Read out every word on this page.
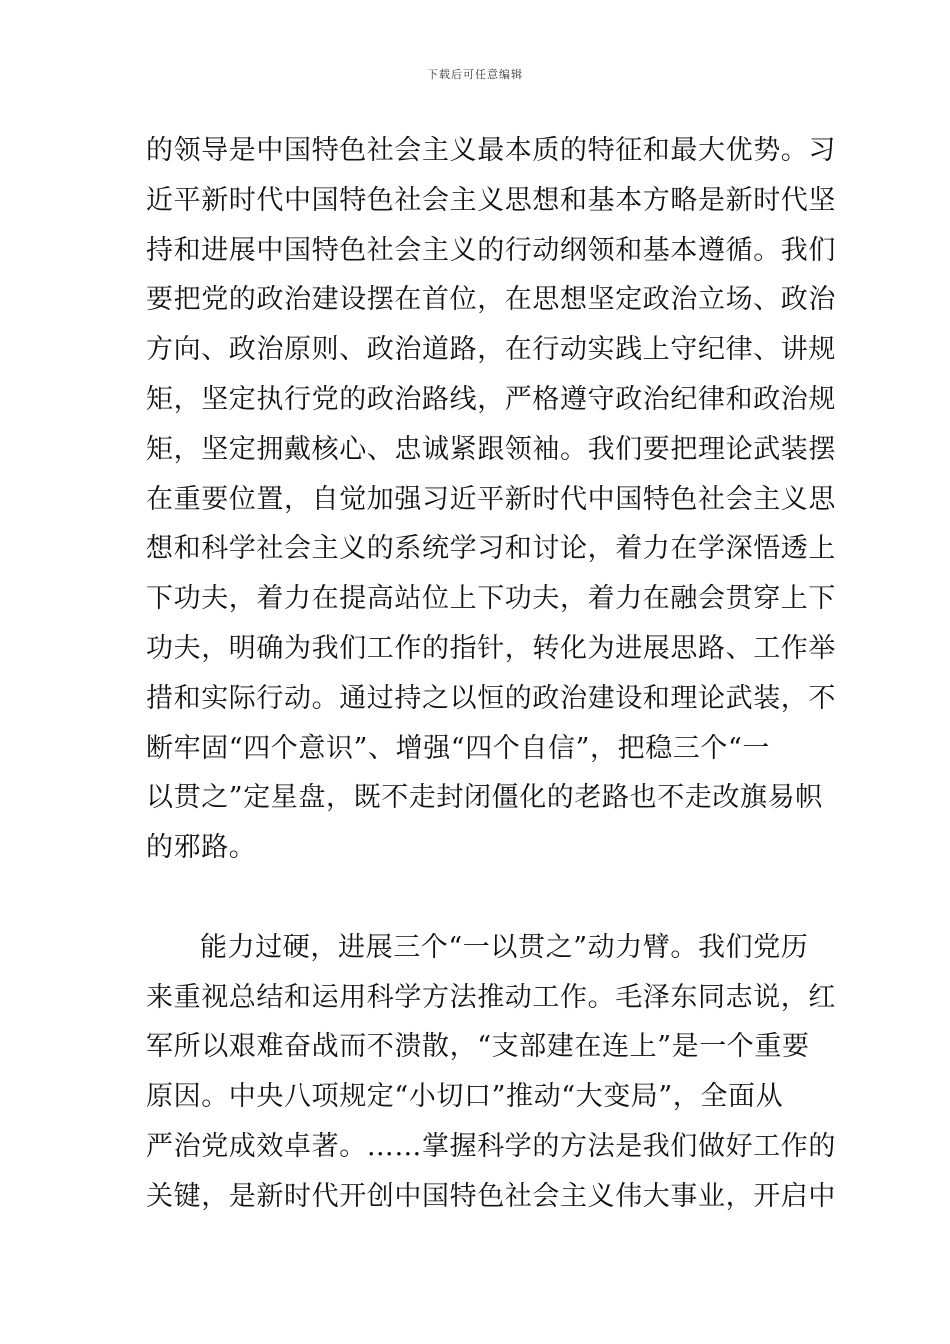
下载后可任意编辑
的领导是中国特色社会主义最本质的特征和最大优势。习
近平新时代中国特色社会主义思想和基本方略是新时代坚
持和进展中国特色社会主义的行动纲领和基本遵循。我们
要把党的政治建设摆在首位，在思想坚定政治立场、政治
方向、政治原则、政治道路，在行动实践上守纪律、讲规
矩，坚定执行党的政治路线，严格遵守政治纪律和政治规
矩，坚定拥戴核心、忠诚紧跟领袖。我们要把理论武装摆
在重要位置，自觉加强习近平新时代中国特色社会主义思
想和科学社会主义的系统学习和讨论，着力在学深悟透上
下功夫，着力在提高站位上下功夫，着力在融会贯穿上下
功夫，明确为我们工作的指针，转化为进展思路、工作举
措和实际行动。通过持之以恒的政治建设和理论武装，不
断牢固“四个意识”、增强“四个自信”，把稳三个“一
以贯之”定星盘，既不走封闭僵化的老路也不走改旗易帜
的邪路。
能力过硬，进展三个“一以贯之”动力臂。我们党历
来重视总结和运用科学方法推动工作。毛泽东同志说，红
军所以艰难奋战而不溃散，“支部建在连上”是一个重要
原因。中央八项规定“小切口”推动“大变局”，全面从
严治党成效卓著。……掌握科学的方法是我们做好工作的
关键，是新时代开创中国特色社会主义伟大事业，开启中
